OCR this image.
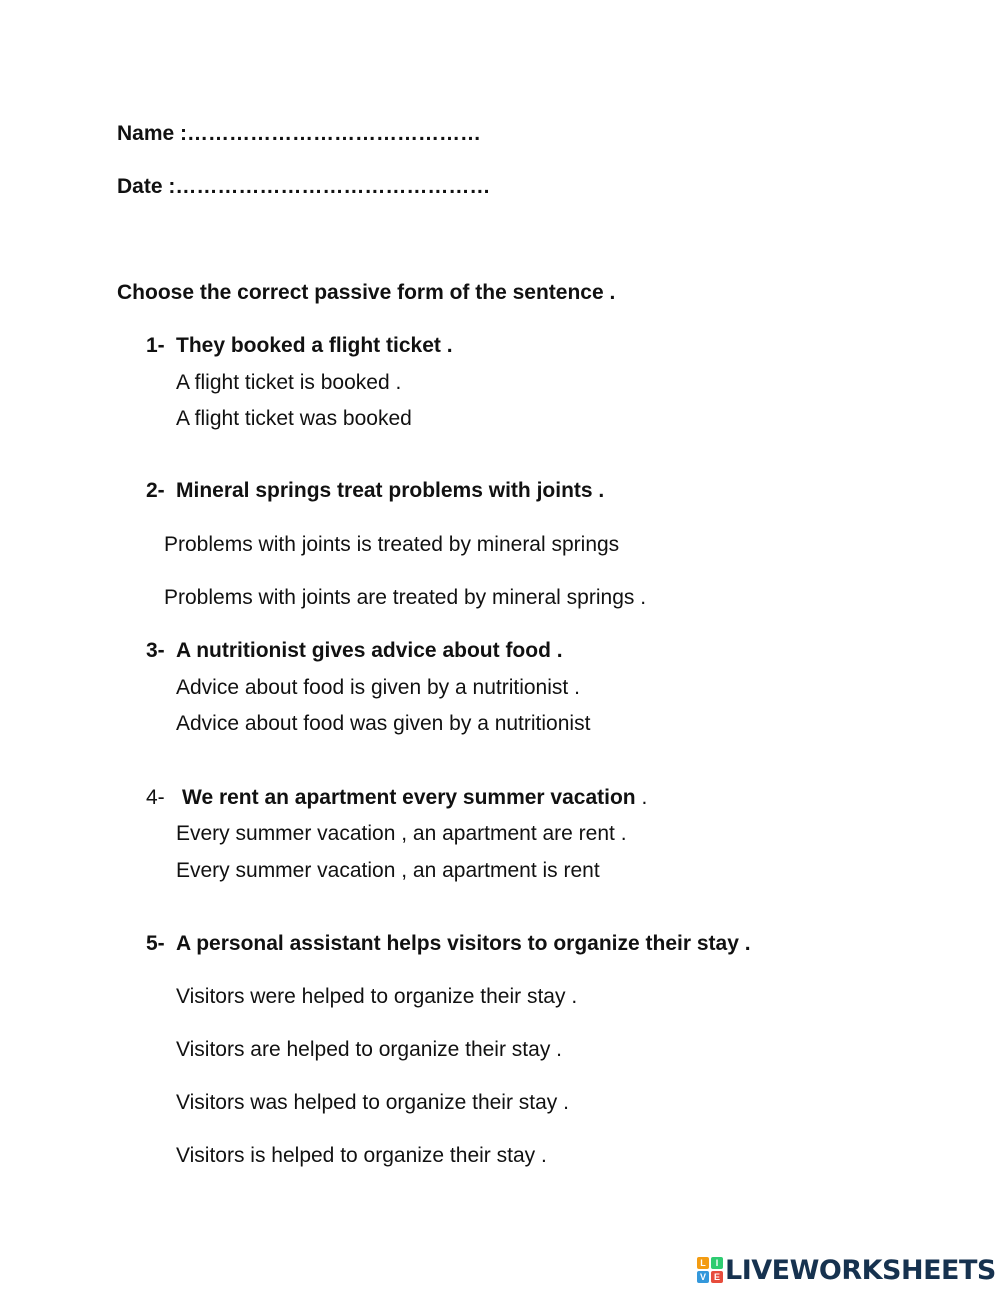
Name :……………………………………
Date :………………………………………
Choose the correct passive form of the sentence .
1- They booked a flight ticket .
A flight ticket is booked .
A flight ticket was booked
2- Mineral springs treat problems with joints .
Problems with joints is treated by mineral springs
Problems with joints are treated by mineral springs .
3- A nutritionist gives advice about food .
Advice about food is given by a nutritionist .
Advice about food was given by a nutritionist
4- We rent an apartment every summer vacation .
Every summer vacation , an apartment are rent .
Every summer vacation , an apartment is rent
5- A personal assistant helps visitors to organize their stay .
Visitors were helped to organize their stay .
Visitors are helped to organize their stay .
Visitors was helped to organize their stay .
Visitors is helped to organize their stay .
L	I
V E LIVEWORKSHEETS
